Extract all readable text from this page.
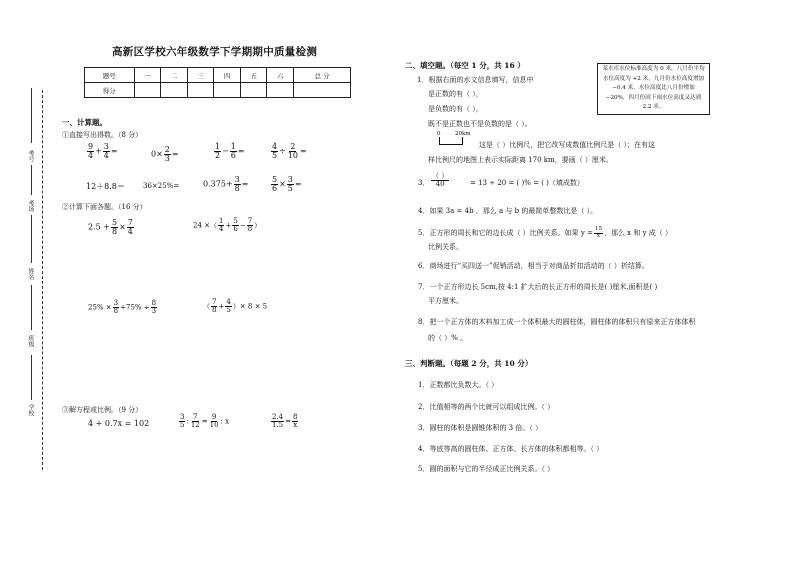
考号
考场
姓名
班级
学校
高新区学校六年级数学下学期期中质量检测
题号	一	二	三	四	五	六	总 分
得分							
一、计算题。
①直接写出得数。（8 分）
$\frac{9}{4} + \frac{3}{4}$ =	$0\times \frac{2}{3}$ =	$\frac{1}{2} - \frac{1}{6}$ =	$\frac{4}{5} \div \frac{2}{10}$ =
12＋8.8＝	36×25%=	$0.375+ \frac{3}{8}$ =	$\frac{5}{6} \times \frac{3}{5}$ =
②计算下面各题。（16 分）
$2.5 + \frac{5}{8} \times \frac{7}{4}$	24 ×（ $\frac{1}{4} + \frac{5}{6} - \frac{7}{8}$ ）
$25\% \times \frac{3}{8} +75\% \div \frac{8}{3}$	（ $\frac{7}{8} + \frac{4}{5}$ ）× 8 × 5
③解方程或比例。（9 分）
4 + 0.7x = 102	$\frac{3}{5}$ : $\frac{7}{12} = \frac{9}{10}$ : x	$\frac{2.4}{1.5} = \frac{8}{x}$
二、填空题。（每空 1 分，共 16 ）	某水库水位标准高度为 0 米，八月份平均水位高度为 +2 米，九月份水位高度增加 −0.4 米，水位高度比八月份增加 −20%，四月份回下雨水位高度又达到 2.2 米。
1．根据右面的水文信息填写，信息中
是正数的有（ ），
是负数的有（ ），
既不是正数也不是负数的是（ ）。
0	20km
这是（ ）比例尺，把它改写成数值比例尺是（ ）；在有这
样比例尺的地图上表示实际距离 170 km，要画（ ）厘米。
3． $\frac{( )}{40}$	= 13 ÷ 20 = ( )% = ( )（填成数）
4．如果 3a = 4b ，那么 a 与 b 的最简单整数比是（ ）。
5．正方形的周长和它的边长成（ ）比例关系。如果 $y = \frac{15}{x}$ ，那么 x 和 y 成（ ）
比例关系。
6．商场进行“买四送一”促销活动，相当于对商品折扣活动的（ ）折结算。
7．一个正方形边长 5cm,按 4:1 扩大后的长正方形的周长是( )厘米,面积是( )
平方厘米。
8．把一个正方体的木料加工成一个体积最大的圆柱体，圆柱体的体积只有原来正方体体积
的（ ）% 。
三、判断题。（每题 2 分，共 10 分）
1．正数都比负数大。（ ）
2．比值相等的两个比就可以组成比例。（ ）
3．圆柱的体积是圆锥体积的 3 倍。（ ）
4．等底等高的圆柱体、正方体、长方体的体积都相等。（ ）
5．圆的面积与它的半径成正比例关系。（ ）
